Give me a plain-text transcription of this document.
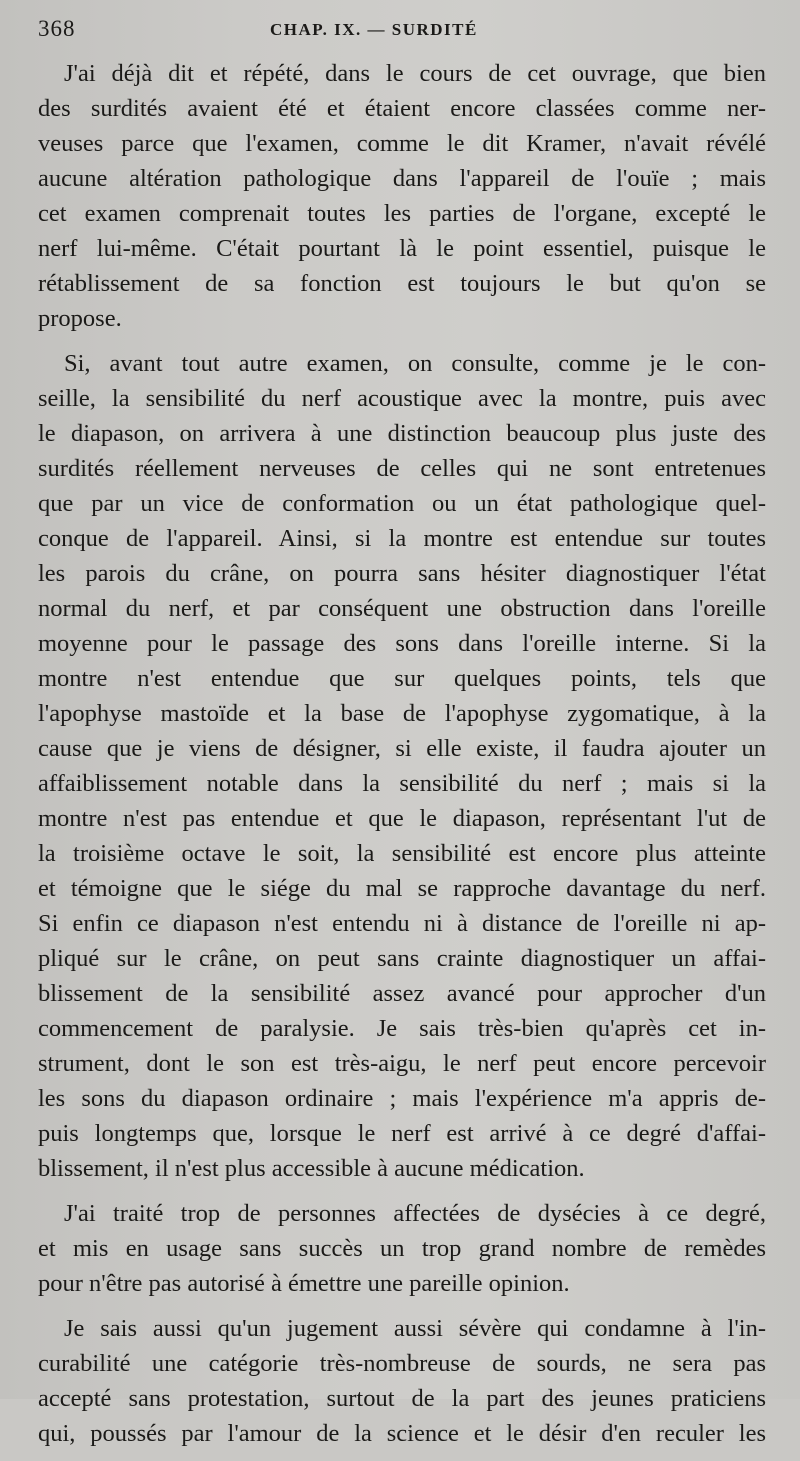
368	CHAP. IX. — SURDITÉ
J'ai déjà dit et répété, dans le cours de cet ouvrage, que bien
des surdités avaient été et étaient encore classées comme ner-
veuses parce que l'examen, comme le dit Kramer, n'avait révélé
aucune altération pathologique dans l'appareil de l'ouïe ; mais
cet examen comprenait toutes les parties de l'organe, excepté le
nerf lui-même. C'était pourtant là le point essentiel, puisque le
rétablissement de sa fonction est toujours le but qu'on se
propose.
Si, avant tout autre examen, on consulte, comme je le con-
seille, la sensibilité du nerf acoustique avec la montre, puis avec
le diapason, on arrivera à une distinction beaucoup plus juste des
surdités réellement nerveuses de celles qui ne sont entretenues
que par un vice de conformation ou un état pathologique quel-
conque de l'appareil. Ainsi, si la montre est entendue sur toutes
les parois du crâne, on pourra sans hésiter diagnostiquer l'état
normal du nerf, et par conséquent une obstruction dans l'oreille
moyenne pour le passage des sons dans l'oreille interne. Si la
montre n'est entendue que sur quelques points, tels que
l'apophyse mastoïde et la base de l'apophyse zygomatique, à la
cause que je viens de désigner, si elle existe, il faudra ajouter un
affaiblissement notable dans la sensibilité du nerf ; mais si la
montre n'est pas entendue et que le diapason, représentant l'ut de
la troisième octave le soit, la sensibilité est encore plus atteinte
et témoigne que le siége du mal se rapproche davantage du nerf.
Si enfin ce diapason n'est entendu ni à distance de l'oreille ni ap-
pliqué sur le crâne, on peut sans crainte diagnostiquer un affai-
blissement de la sensibilité assez avancé pour approcher d'un
commencement de paralysie. Je sais très-bien qu'après cet in-
strument, dont le son est très-aigu, le nerf peut encore percevoir
les sons du diapason ordinaire ; mais l'expérience m'a appris de-
puis longtemps que, lorsque le nerf est arrivé à ce degré d'affai-
blissement, il n'est plus accessible à aucune médication.
J'ai traité trop de personnes affectées de dysécies à ce degré,
et mis en usage sans succès un trop grand nombre de remèdes
pour n'être pas autorisé à émettre une pareille opinion.
Je sais aussi qu'un jugement aussi sévère qui condamne à l'in-
curabilité une catégorie très-nombreuse de sourds, ne sera pas
accepté sans protestation, surtout de la part des jeunes praticiens
qui, poussés par l'amour de la science et le désir d'en reculer les
